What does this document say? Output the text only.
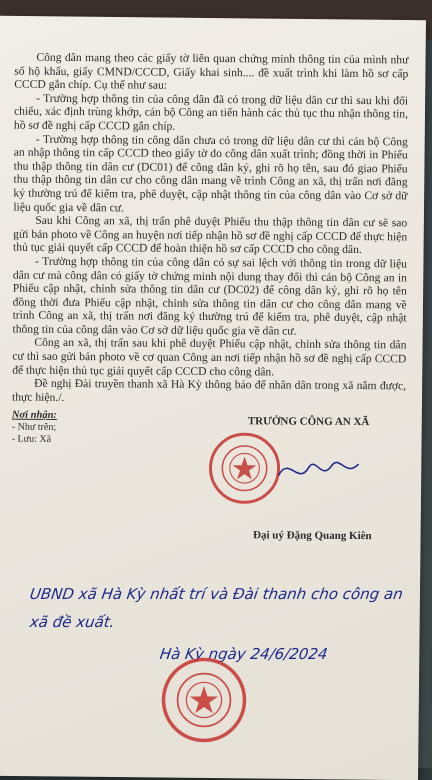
Công dân mang theo các giấy tờ liên quan chứng minh thông tin của mình như số hộ khẩu, giấy CMND/CCCD, Giấy khai sinh.... đề xuất trình khi làm hồ sơ cấp CCCD gắn chíp. Cụ thể như sau:

- Trường hợp thông tin của công dân đã có trong dữ liệu dân cư thì sau khi đối chiếu, xác định trùng khớp, cán bộ Công an tiến hành các thủ tục thu nhận thông tin, hồ sơ đề nghị cấp CCCD gắn chíp.

- Trường hợp thông tin công dân chưa có trong dữ liệu dân cư thì cán bộ Công an nhập thông tin cấp CCCD theo giấy tờ do công dân xuất trình; đồng thời in Phiếu thu thập thông tin dân cư (DC01) để công dân ký, ghi rõ họ tên, sau đó giao Phiếu thu thập thông tin dân cư cho công dân mang về trình Công an xã, thị trấn nơi đăng ký thường trú để kiểm tra, phê duyệt, cập nhật thông tin của công dân vào Cơ sở dữ liệu quốc gia về dân cư.

Sau khi Công an xã, thị trấn phê duyệt Phiếu thu thập thông tin dân cư sẽ sao gửi bản photo về Công an huyện nơi tiếp nhận hồ sơ đề nghị cấp CCCD để thực hiện thủ tục giải quyết cấp CCCD để hoàn thiện hồ sơ cấp CCCD cho công dân.

- Trường hợp thông tin của công dân có sự sai lệch với thông tin trong dữ liệu dân cư mà công dân có giấy tờ chứng minh nội dung thay đổi thì cán bộ Công an in Phiếu cập nhật, chỉnh sửa thông tin dân cư (DC02) để công dân ký, ghi rõ họ tên đồng thời đưa Phiếu cập nhật, chỉnh sửa thông tin dân cư cho công dân mang về trình Công an xã, thị trấn nơi đăng ký thường trú để kiểm tra, phê duyệt, cập nhật thông tin của công dân vào Cơ sở dữ liệu quốc gia về dân cư.

Công an xã, thị trấn sau khi phê duyệt Phiếu cập nhật, chỉnh sửa thông tin dân cư thì sao gửi bản photo về cơ quan Công an nơi tiếp nhận hồ sơ đề nghị cấp CCCD để thực hiện thủ tục giải quyết cấp CCCD cho công dân.

Đề nghị Đài truyền thanh xã Hà Kỳ thông báo để nhân dân trong xã nắm được, thực hiện./.

Nơi nhận:
- Như trên;
- Lưu: Xã
TRƯỞNG CÔNG AN XÃ
Đại uý Đặng Quang Kiên
UBND xã Hà Kỳ nhất trí và Đài thanh cho công an
xã đề xuất.
Hà Kỳ ngày 24/6/2024
